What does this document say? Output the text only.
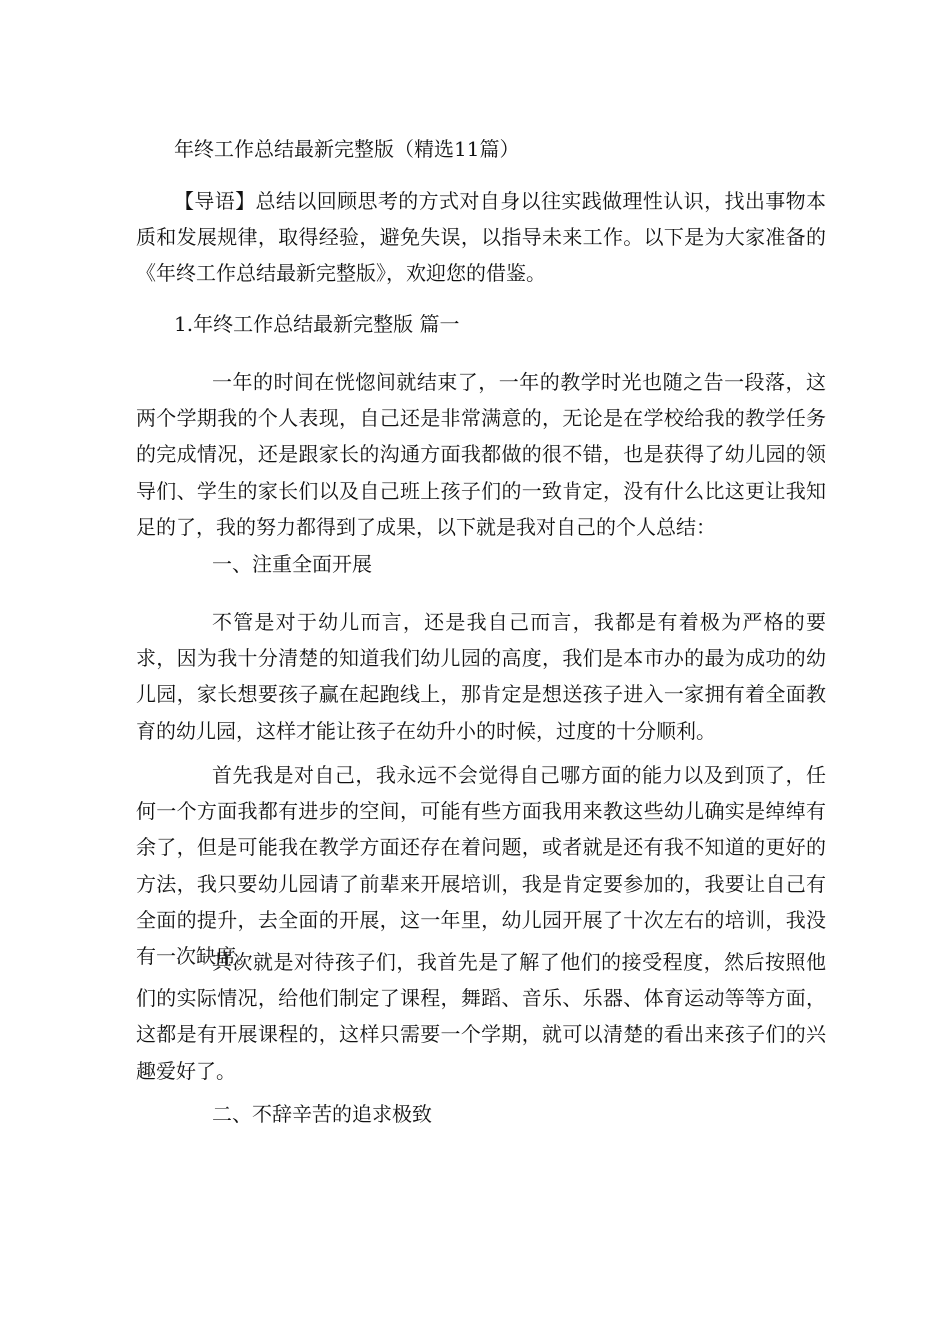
年终工作总结最新完整版（精选11篇）

【导语】总结以回顾思考的方式对自身以往实践做理性认识，找出事物本质和发展规律，取得经验，避免失误，以指导未来工作。以下是为大家准备的《年终工作总结最新完整版》，欢迎您的借鉴。

1.年终工作总结最新完整版 篇一

一年的时间在恍惚间就结束了，一年的教学时光也随之告一段落，这两个学期我的个人表现，自己还是非常满意的，无论是在学校给我的教学任务的完成情况，还是跟家长的沟通方面我都做的很不错，也是获得了幼儿园的领导们、学生的家长们以及自己班上孩子们的一致肯定，没有什么比这更让我知足的了，我的努力都得到了成果，以下就是我对自己的个人总结：

一、注重全面开展

不管是对于幼儿而言，还是我自己而言，我都是有着极为严格的要求，因为我十分清楚的知道我们幼儿园的高度，我们是本市办的最为成功的幼儿园，家长想要孩子赢在起跑线上，那肯定是想送孩子进入一家拥有着全面教育的幼儿园，这样才能让孩子在幼升小的时候，过度的十分顺利。

首先我是对自己，我永远不会觉得自己哪方面的能力以及到顶了，任何一个方面我都有进步的空间，可能有些方面我用来教这些幼儿确实是绰绰有余了，但是可能我在教学方面还存在着问题，或者就是还有我不知道的更好的方法，我只要幼儿园请了前辈来开展培训，我是肯定要参加的，我要让自己有全面的提升，去全面的开展，这一年里，幼儿园开展了十次左右的培训，我没有一次缺席。

其次就是对待孩子们，我首先是了解了他们的接受程度，然后按照他们的实际情况，给他们制定了课程，舞蹈、音乐、乐器、体育运动等等方面，这都是有开展课程的，这样只需要一个学期，就可以清楚的看出来孩子们的兴趣爱好了。

二、不辞辛苦的追求极致
